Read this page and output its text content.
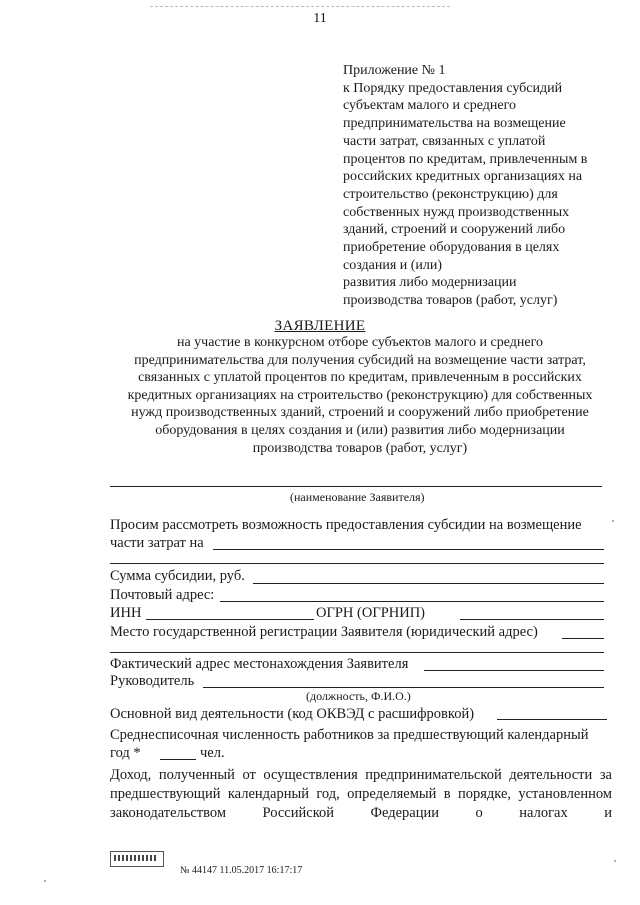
11
Приложение № 1
к Порядку предоставления субсидий
субъектам малого и среднего
предпринимательства на возмещение
части затрат, связанных с уплатой
процентов по кредитам, привлеченным в
российских кредитных организациях на
строительство (реконструкцию) для
собственных нужд производственных
зданий, строений и сооружений либо
приобретение оборудования в целях
создания и (или)
развития либо модернизации
производства товаров (работ, услуг)
ЗАЯВЛЕНИЕ
на участие в конкурсном отборе субъектов малого и среднего
предпринимательства для получения субсидий на возмещение части затрат,
связанных с уплатой процентов по кредитам, привлеченным в российских
кредитных организациях на строительство (реконструкцию) для собственных
нужд производственных зданий, строений и сооружений либо приобретение
оборудования в целях создания и (или) развития либо модернизации
производства товаров (работ, услуг)
(наименование Заявителя)
Просим рассмотреть возможность предоставления субсидии на возмещение
части затрат на
Сумма субсидии, руб.
Почтовый адрес:
ИНН	ОГРН (ОГРНИП)
Место государственной регистрации Заявителя (юридический адрес)
Фактический адрес местонахождения Заявителя
Руководитель
(должность, Ф.И.О.)
Основной вид деятельности (код ОКВЭД с расшифровкой)
Среднесписочная численность работников за предшествующий календарный
год *	чел.
Доход, полученный от осуществления предпринимательской деятельности за предшествующий календарный год, определяемый в порядке, установленном законодательством Российской Федерации о налогах и
№ 44147 11.05.2017 16:17:17
